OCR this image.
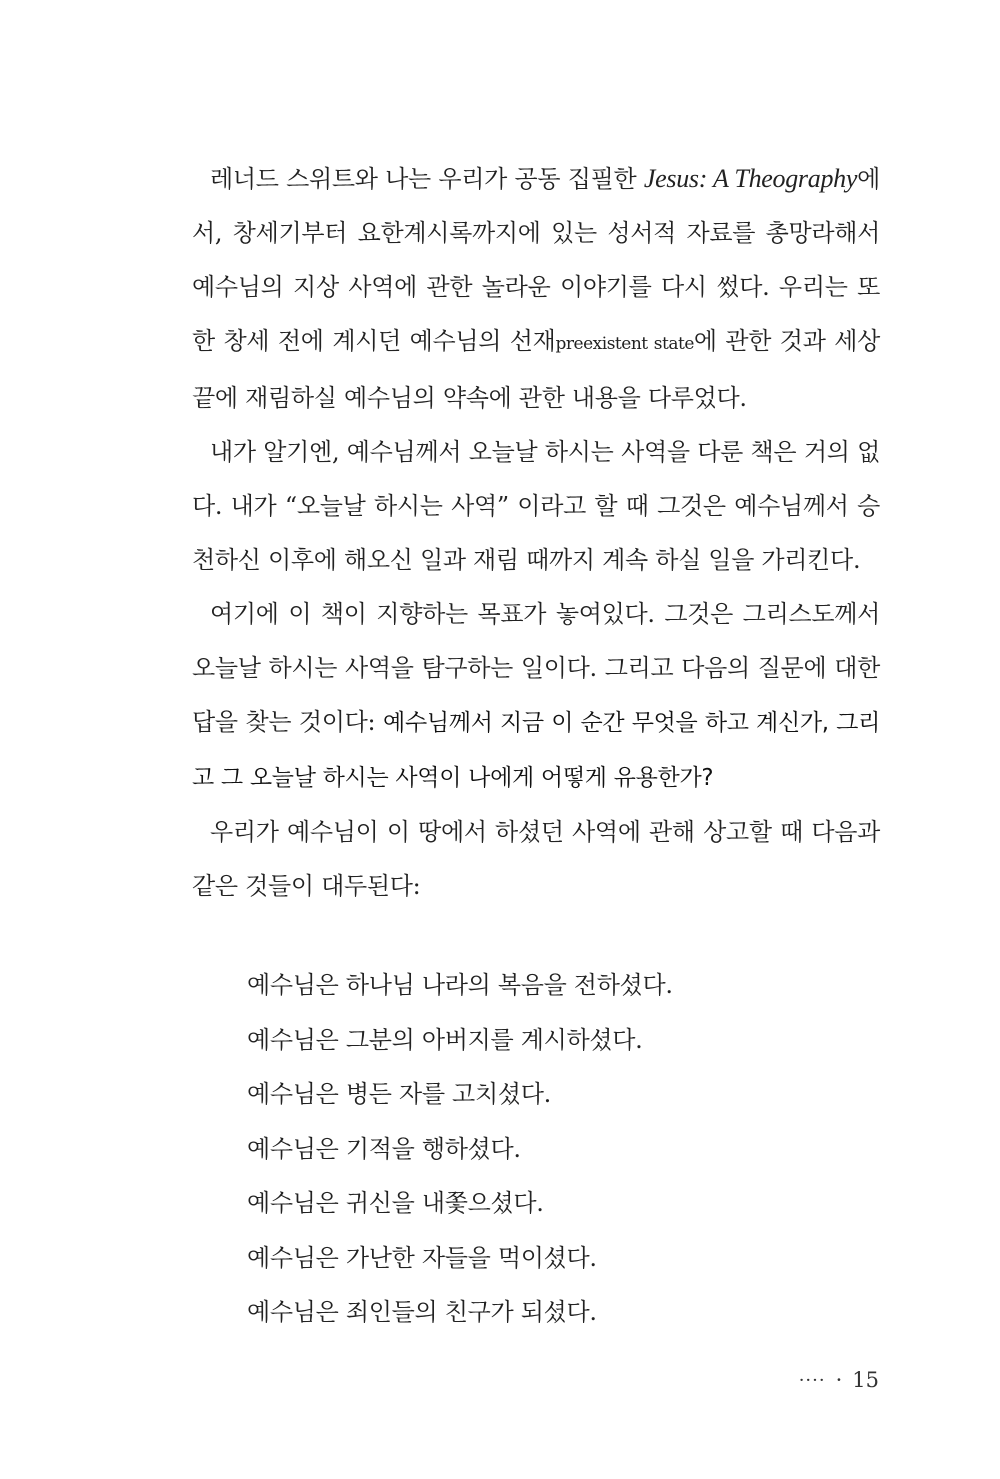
레너드 스위트와 나는 우리가 공동 집필한 Jesus: A Theography에서, 창세기부터 요한계시록까지에 있는 성서적 자료를 총망라해서 예수님의 지상 사역에 관한 놀라운 이야기를 다시 썼다. 우리는 또한 창세 전에 계시던 예수님의 선재preexistent state에 관한 것과 세상 끝에 재림하실 예수님의 약속에 관한 내용을 다루었다.

내가 알기엔, 예수님께서 오늘날 하시는 사역을 다룬 책은 거의 없다. 내가 “오늘날 하시는 사역” 이라고 할 때 그것은 예수님께서 승천하신 이후에 해오신 일과 재림 때까지 계속 하실 일을 가리킨다.

여기에 이 책이 지향하는 목표가 놓여있다. 그것은 그리스도께서 오늘날 하시는 사역을 탐구하는 일이다. 그리고 다음의 질문에 대한 답을 찾는 것이다: 예수님께서 지금 이 순간 무엇을 하고 계신가, 그리고 그 오늘날 하시는 사역이 나에게 어떻게 유용한가?

우리가 예수님이 이 땅에서 하셨던 사역에 관해 상고할 때 다음과 같은 것들이 대두된다:

예수님은 하나님 나라의 복음을 전하셨다.
예수님은 그분의 아버지를 계시하셨다.
예수님은 병든 자를 고치셨다.
예수님은 기적을 행하셨다.
예수님은 귀신을 내쫓으셨다.
예수님은 가난한 자들을 먹이셨다.
예수님은 죄인들의 친구가 되셨다.
···· · 15
